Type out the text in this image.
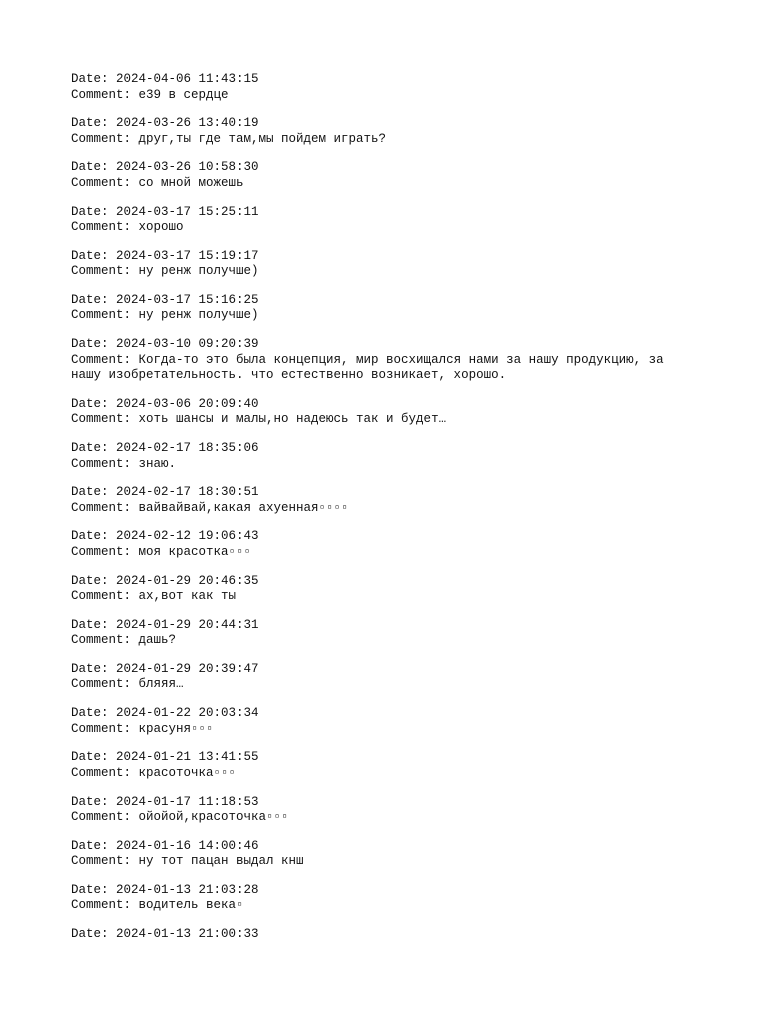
Date: 2024-04-06 11:43:15
Comment: e39 в сердце
Date: 2024-03-26 13:40:19
Comment: друг,ты где там,мы пойдем играть?
Date: 2024-03-26 10:58:30
Comment: со мной можешь
Date: 2024-03-17 15:25:11
Comment: хорошо
Date: 2024-03-17 15:19:17
Comment: ну ренж получше)
Date: 2024-03-17 15:16:25
Comment: ну ренж получше)
Date: 2024-03-10 09:20:39
Comment: Когда-то это была концепция, мир восхищался нами за нашу продукцию, за нашу изобретательность. что естественно возникает, хорошо.
Date: 2024-03-06 20:09:40
Comment: хоть шансы и малы,но надеюсь так и будет…
Date: 2024-02-17 18:35:06
Comment: знаю.
Date: 2024-02-17 18:30:51
Comment: вайвайвай,какая ахуенная▫▫▫▫
Date: 2024-02-12 19:06:43
Comment: моя красотка▫▫▫
Date: 2024-01-29 20:46:35
Comment: ах,вот как ты
Date: 2024-01-29 20:44:31
Comment: дашь?
Date: 2024-01-29 20:39:47
Comment: бляяя…
Date: 2024-01-22 20:03:34
Comment: красуня▫▫▫
Date: 2024-01-21 13:41:55
Comment: красоточка▫▫▫
Date: 2024-01-17 11:18:53
Comment: ойойой,красоточка▫▫▫
Date: 2024-01-16 14:00:46
Comment: ну тот пацан выдал кнш
Date: 2024-01-13 21:03:28
Comment: водитель века▫
Date: 2024-01-13 21:00:33
